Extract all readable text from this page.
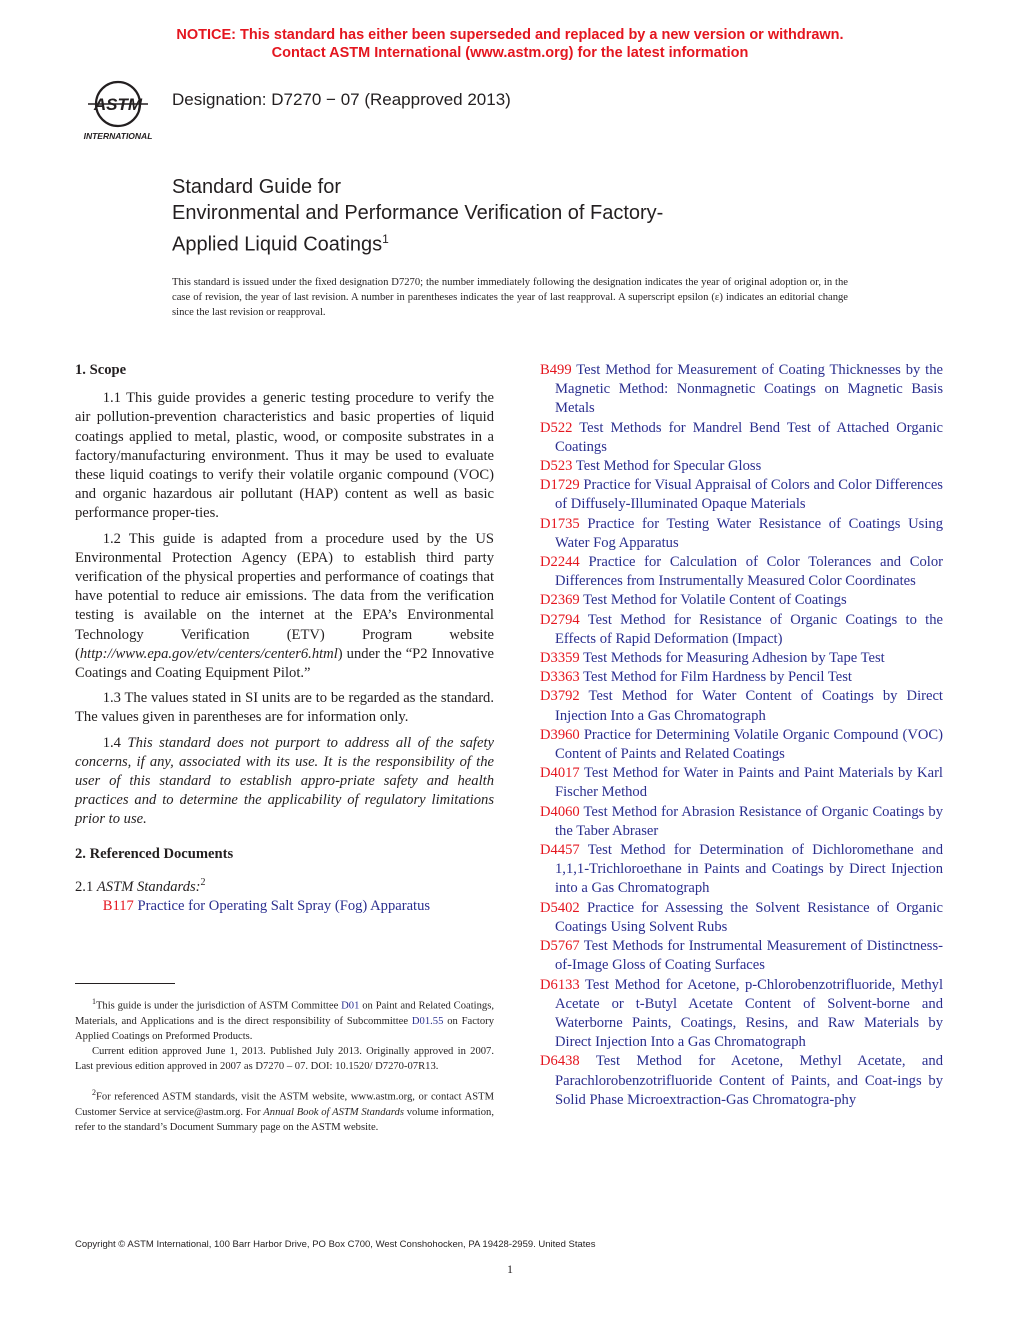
NOTICE: This standard has either been superseded and replaced by a new version or withdrawn.
Contact ASTM International (www.astm.org) for the latest information
ASTM
INTERNATIONAL
Designation: D7270 − 07 (Reapproved 2013)
Standard Guide for
Environmental and Performance Verification of Factory-
Applied Liquid Coatings$^1$
This standard is issued under the fixed designation D7270; the number immediately following the designation indicates the year of original adoption or, in the case of revision, the year of last revision. A number in parentheses indicates the year of last reapproval. A superscript epsilon (ε) indicates an editorial change since the last revision or reapproval.

1. Scope

1.1 This guide provides a generic testing procedure to verify the air pollution-prevention characteristics and basic properties of liquid coatings applied to metal, plastic, wood, or composite substrates in a factory/manufacturing environment. Thus it may be used to evaluate these liquid coatings to verify their volatile organic compound (VOC) and organic hazardous air pollutant (HAP) content as well as basic performance proper-ties.

1.2 This guide is adapted from a procedure used by the US Environmental Protection Agency (EPA) to establish third party verification of the physical properties and performance of coatings that have potential to reduce air emissions. The data from the verification testing is available on the internet at the EPA’s Environmental Technology Verification (ETV) Program website (http://www.epa.gov/etv/centers/center6.html) under the “P2 Innovative Coatings and Coating Equipment Pilot.”

1.3 The values stated in SI units are to be regarded as the standard. The values given in parentheses are for information only.

1.4 This standard does not purport to address all of the safety concerns, if any, associated with its use. It is the responsibility of the user of this standard to establish appro-priate safety and health practices and to determine the applicability of regulatory limitations prior to use.

2. Referenced Documents

2.1 ASTM Standards:$^2$

B117 Practice for Operating Salt Spray (Fog) Apparatus

B499 Test Method for Measurement of Coating Thicknesses by the Magnetic Method: Nonmagnetic Coatings on Magnetic Basis Metals

D522 Test Methods for Mandrel Bend Test of Attached Organic Coatings

D523 Test Method for Specular Gloss

D1729 Practice for Visual Appraisal of Colors and Color Differences of Diffusely-Illuminated Opaque Materials

D1735 Practice for Testing Water Resistance of Coatings Using Water Fog Apparatus

D2244 Practice for Calculation of Color Tolerances and Color Differences from Instrumentally Measured Color Coordinates

D2369 Test Method for Volatile Content of Coatings

D2794 Test Method for Resistance of Organic Coatings to the Effects of Rapid Deformation (Impact)

D3359 Test Methods for Measuring Adhesion by Tape Test

D3363 Test Method for Film Hardness by Pencil Test

D3792 Test Method for Water Content of Coatings by Direct Injection Into a Gas Chromatograph

D3960 Practice for Determining Volatile Organic Compound (VOC) Content of Paints and Related Coatings

D4017 Test Method for Water in Paints and Paint Materials by Karl Fischer Method

D4060 Test Method for Abrasion Resistance of Organic Coatings by the Taber Abraser

D4457 Test Method for Determination of Dichloromethane and 1,1,1-Trichloroethane in Paints and Coatings by Direct Injection into a Gas Chromatograph

D5402 Practice for Assessing the Solvent Resistance of Organic Coatings Using Solvent Rubs

D5767 Test Methods for Instrumental Measurement of Distinctness-of-Image Gloss of Coating Surfaces

D6133 Test Method for Acetone, p-Chlorobenzotrifluoride, Methyl Acetate or t-Butyl Acetate Content of Solvent-borne and Waterborne Paints, Coatings, Resins, and Raw Materials by Direct Injection Into a Gas Chromatograph

D6438 Test Method for Acetone, Methyl Acetate, and Parachlorobenzotrifluoride Content of Paints, and Coat-ings by Solid Phase Microextraction-Gas Chromatogra-phy

$^1$This guide is under the jurisdiction of ASTM Committee D01 on Paint and Related Coatings, Materials, and Applications and is the direct responsibility of Subcommittee D01.55 on Factory Applied Coatings on Preformed Products.

Current edition approved June 1, 2013. Published July 2013. Originally approved in 2007. Last previous edition approved in 2007 as D7270 – 07. DOI: 10.1520/ D7270-07R13.

$^2$For referenced ASTM standards, visit the ASTM website, www.astm.org, or contact ASTM Customer Service at service@astm.org. For Annual Book of ASTM Standards volume information, refer to the standard’s Document Summary page on the ASTM website.

Copyright © ASTM International, 100 Barr Harbor Drive, PO Box C700, West Conshohocken, PA 19428-2959. United States
1
